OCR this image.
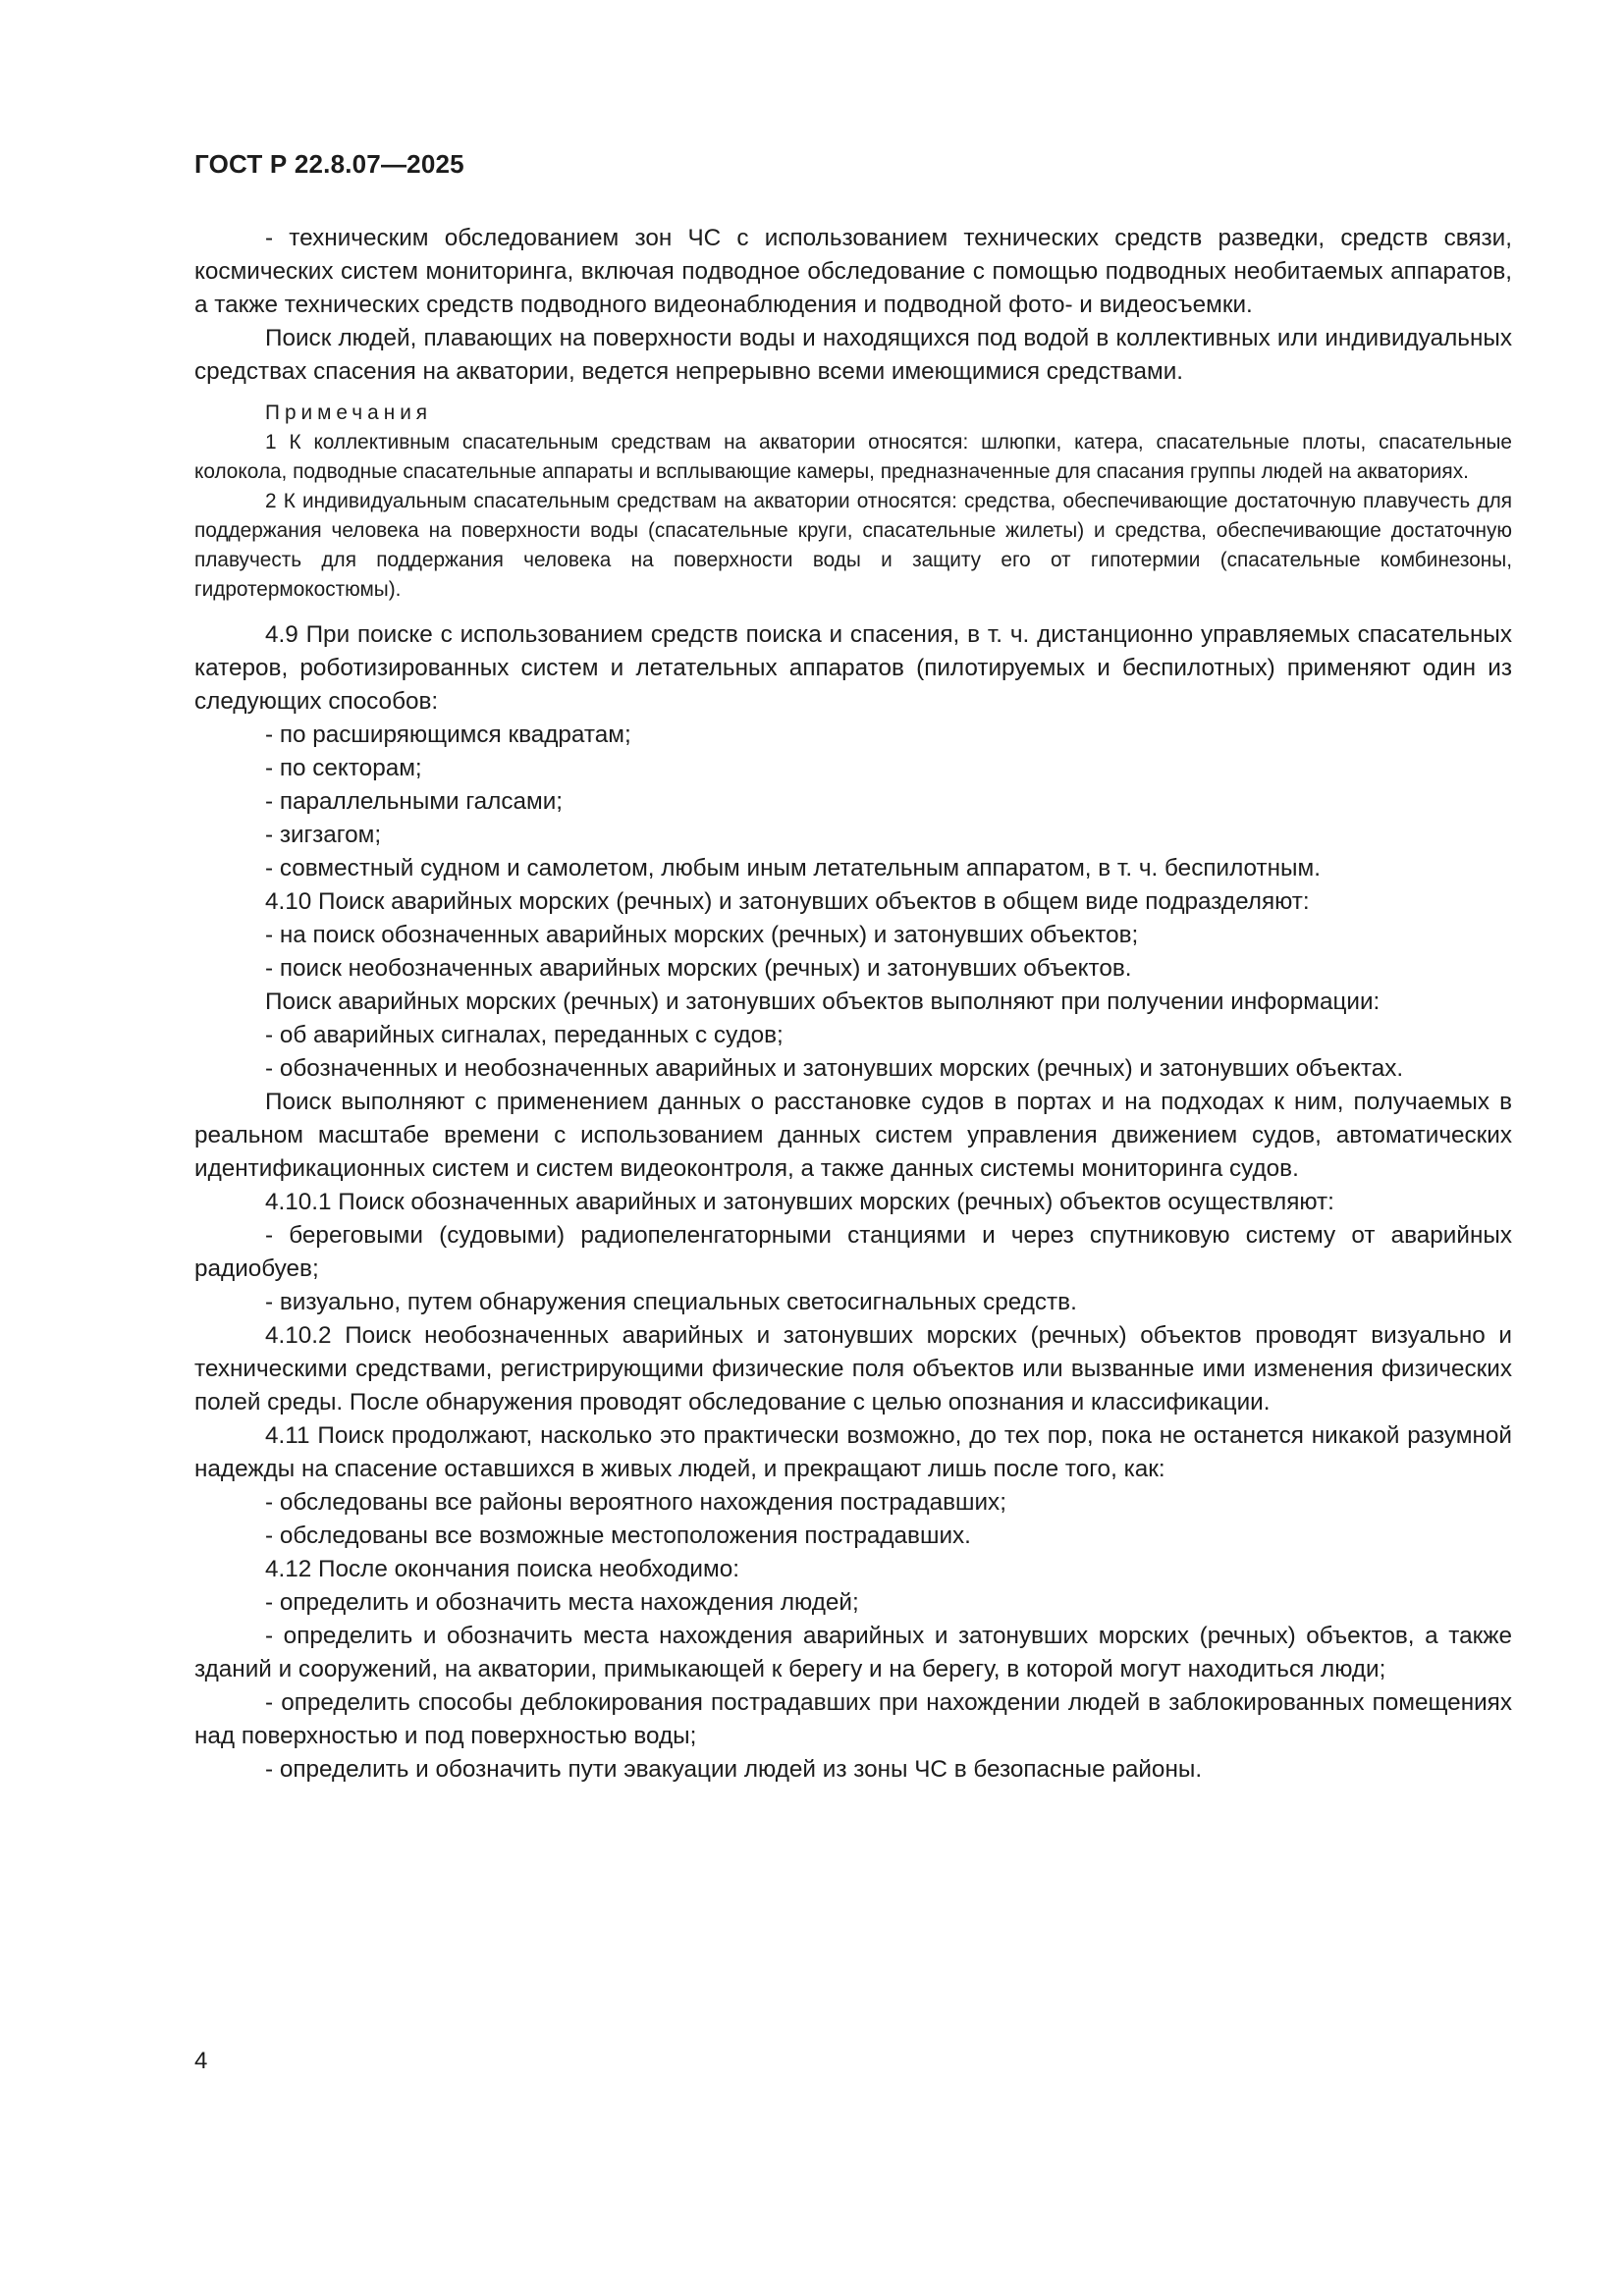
ГОСТ Р 22.8.07—2025

- техническим обследованием зон ЧС с использованием технических средств разведки, средств связи, космических систем мониторинга, включая подводное обследование с помощью подводных необитаемых аппаратов, а также технических средств подводного видеонаблюдения и подводной фото- и видеосъемки.

Поиск людей, плавающих на поверхности воды и находящихся под водой в коллективных или индивидуальных средствах спасения на акватории, ведется непрерывно всеми имеющимися средствами.

Примечания

1 К коллективным спасательным средствам на акватории относятся: шлюпки, катера, спасательные плоты, спасательные колокола, подводные спасательные аппараты и всплывающие камеры, предназначенные для спасания группы людей на акваториях.

2 К индивидуальным спасательным средствам на акватории относятся: средства, обеспечивающие достаточную плавучесть для поддержания человека на поверхности воды (спасательные круги, спасательные жилеты) и средства, обеспечивающие достаточную плавучесть для поддержания человека на поверхности воды и защиту его от гипотермии (спасательные комбинезоны, гидротермокостюмы).

4.9 При поиске с использованием средств поиска и спасения, в т. ч. дистанционно управляемых спасательных катеров, роботизированных систем и летательных аппаратов (пилотируемых и беспилотных) применяют один из следующих способов:

- по расширяющимся квадратам;

- по секторам;

- параллельными галсами;

- зигзагом;

- совместный судном и самолетом, любым иным летательным аппаратом, в т. ч. беспилотным.

4.10 Поиск аварийных морских (речных) и затонувших объектов в общем виде подразделяют:

- на поиск обозначенных аварийных морских (речных) и затонувших объектов;

- поиск необозначенных аварийных морских (речных) и затонувших объектов.

Поиск аварийных морских (речных) и затонувших объектов выполняют при получении информации:

- об аварийных сигналах, переданных с судов;

- обозначенных и необозначенных аварийных и затонувших морских (речных) и затонувших объектах.

Поиск выполняют с применением данных о расстановке судов в портах и на подходах к ним, получаемых в реальном масштабе времени с использованием данных систем управления движением судов, автоматических идентификационных систем и систем видеоконтроля, а также данных системы мониторинга судов.

4.10.1 Поиск обозначенных аварийных и затонувших морских (речных) объектов осуществляют:

- береговыми (судовыми) радиопеленгаторными станциями и через спутниковую систему от аварийных радиобуев;

- визуально, путем обнаружения специальных светосигнальных средств.

4.10.2 Поиск необозначенных аварийных и затонувших морских (речных) объектов проводят визуально и техническими средствами, регистрирующими физические поля объектов или вызванные ими изменения физических полей среды. После обнаружения проводят обследование с целью опознания и классификации.

4.11 Поиск продолжают, насколько это практически возможно, до тех пор, пока не останется никакой разумной надежды на спасение оставшихся в живых людей, и прекращают лишь после того, как:

- обследованы все районы вероятного нахождения пострадавших;

- обследованы все возможные местоположения пострадавших.

4.12 После окончания поиска необходимо:

- определить и обозначить места нахождения людей;

- определить и обозначить места нахождения аварийных и затонувших морских (речных) объектов, а также зданий и сооружений, на акватории, примыкающей к берегу и на берегу, в которой могут находиться люди;

- определить способы деблокирования пострадавших при нахождении людей в заблокированных помещениях над поверхностью и под поверхностью воды;

- определить и обозначить пути эвакуации людей из зоны ЧС в безопасные районы.

4
